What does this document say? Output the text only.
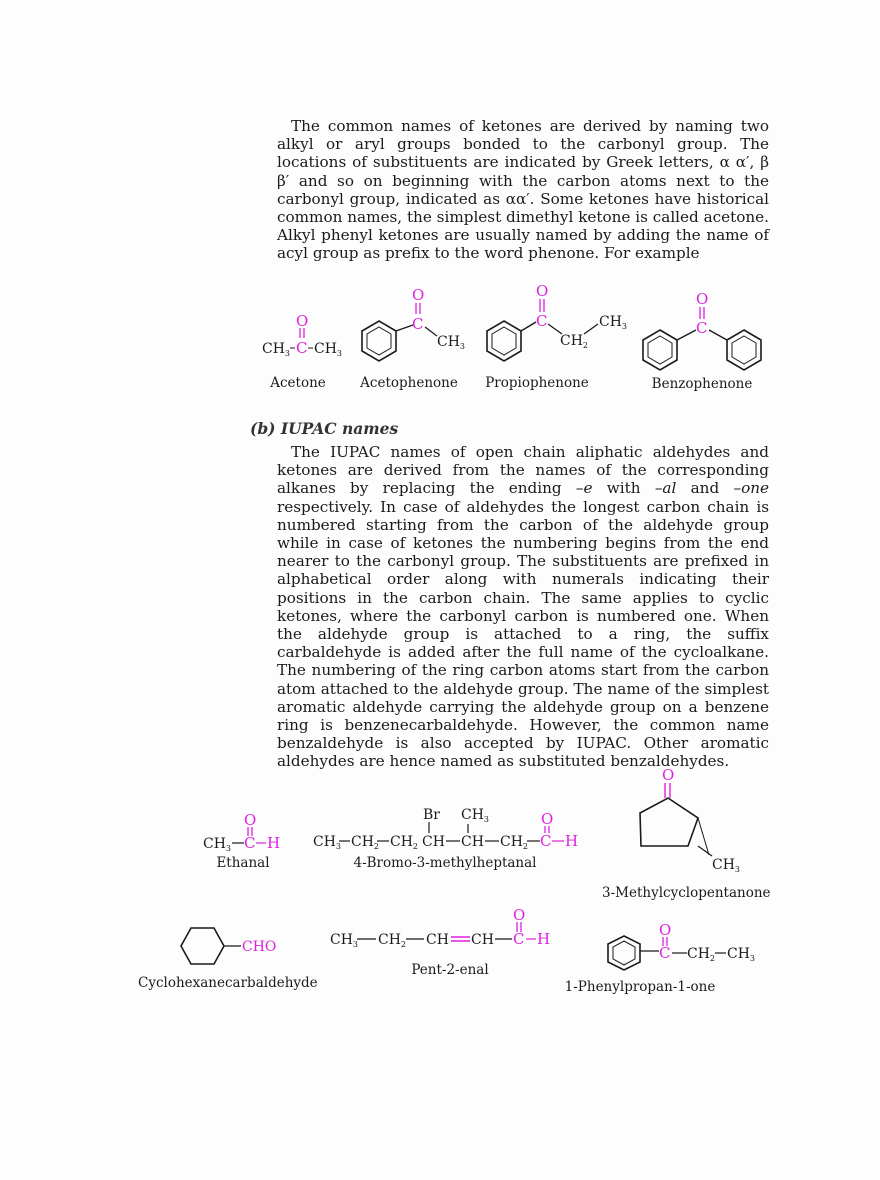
The common names of ketones are derived by naming two alkyl or aryl groups bonded to the carbonyl group. The locations of substituents are indicated by Greek letters, α α′, β β′ and so on beginning with the carbon atoms next to the carbonyl group, indicated as αα′. Some ketones have historical common names, the simplest dimethyl ketone is called acetone. Alkyl phenyl ketones are usually named by adding the name of acyl group as prefix to the word phenone. For example
O
$CH_3$ C $CH_3$
Acetone
C
O
$CH_3$
Acetophenone
C
O
$CH_2$
$CH_3$
Propiophenone
C
O
Benzophenone
(b) IUPAC names
The IUPAC names of open chain aliphatic aldehydes and ketones are derived from the names of the corresponding alkanes by replacing the ending –e with –al and –one respectively. In case of aldehydes the longest carbon chain is numbered starting from the carbon of the aldehyde group while in case of ketones the numbering begins from the end nearer to the carbonyl group. The substituents are prefixed in alphabetical order along with numerals indicating their positions in the carbon chain. The same applies to cyclic ketones, where the carbonyl carbon is numbered one. When the aldehyde group is attached to a ring, the suffix carbaldehyde is added after the full name of the cycloalkane. The numbering of the ring carbon atoms start from the carbon atom attached to the aldehyde group. The name of the simplest aromatic aldehyde carrying the aldehyde group on a benzene ring is benzenecarbaldehyde. However, the common name benzaldehyde is also accepted by IUPAC. Other aromatic aldehydes are hence named as substituted benzaldehydes.
O
$CH_3$ C H
Ethanal
Br $CH_3$	O
$CH_3$ $CH_2$ $CH_2$ CH CH $CH_2$ C H
4-Bromo-3-methylheptanal
O
$CH_3$
3-Methylcyclopentanone
CHO
Cyclohexanecarbaldehyde
O
$CH_3$ $CH_2$ CH CH C H
Pent-2-enal
O
C $CH_2$ $CH_3$
1-Phenylpropan-1-one
